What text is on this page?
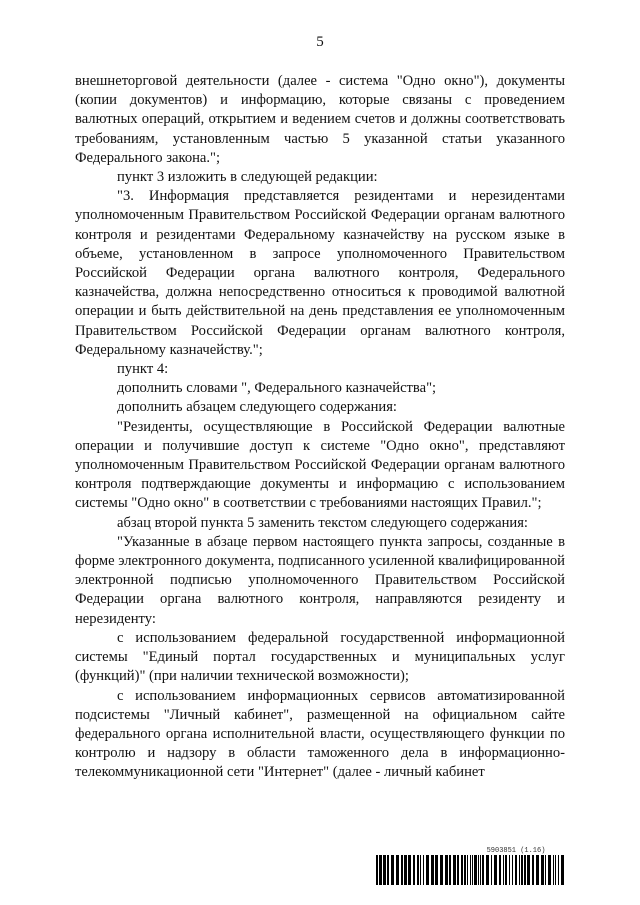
5

внешнеторговой деятельности (далее - система "Одно окно"), документы (копии документов) и информацию, которые связаны с проведением валютных операций, открытием и ведением счетов и должны соответствовать требованиям, установленным частью 5 указанной статьи указанного Федерального закона.";

пункт 3 изложить в следующей редакции:

"3. Информация представляется резидентами и нерезидентами уполномоченным Правительством Российской Федерации органам валютного контроля и резидентами Федеральному казначейству на русском языке в объеме, установленном в запросе уполномоченного Правительством Российской Федерации органа валютного контроля, Федерального казначейства, должна непосредственно относиться к проводимой валютной операции и быть действительной на день представления ее уполномоченным Правительством Российской Федерации органам валютного контроля, Федеральному казначейству.";

пункт 4:

дополнить словами ", Федерального казначейства";

дополнить абзацем следующего содержания:

"Резиденты, осуществляющие в Российской Федерации валютные операции и получившие доступ к системе "Одно окно", представляют уполномоченным Правительством Российской Федерации органам валютного контроля подтверждающие документы и информацию с использованием системы "Одно окно" в соответствии с требованиями настоящих Правил.";

абзац второй пункта 5 заменить текстом следующего содержания:

"Указанные в абзаце первом настоящего пункта запросы, созданные в форме электронного документа, подписанного усиленной квалифицированной электронной подписью уполномоченного Правительством Российской Федерации органа валютного контроля, направляются резиденту и нерезиденту:

с использованием федеральной государственной информационной системы "Единый портал государственных и муниципальных услуг (функций)" (при наличии технической возможности);

с использованием информационных сервисов автоматизированной подсистемы "Личный кабинет", размещенной на официальном сайте федерального органа исполнительной власти, осуществляющего функции по контролю и надзору в области таможенного дела в информационно-телекоммуникационной сети "Интернет" (далее - личный кабинет

5903851 (1.16)
